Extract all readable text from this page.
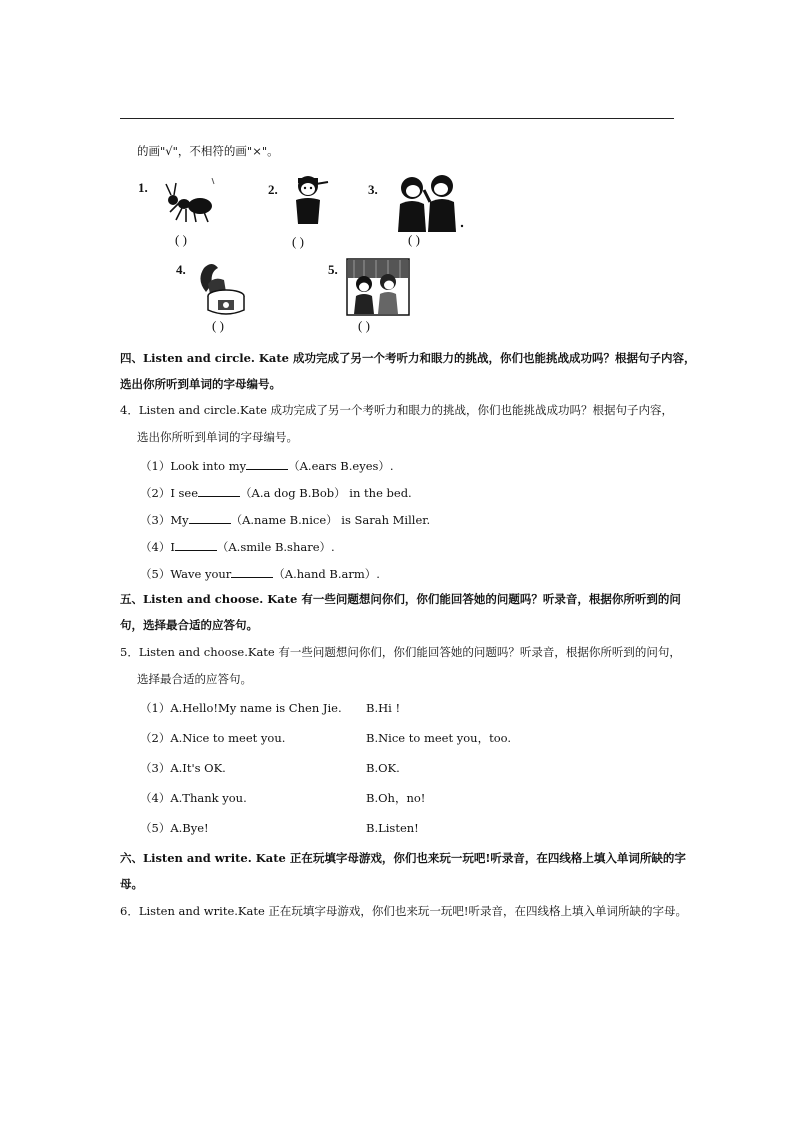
的画"√"，不相符的画"×"。
1.
( )
2.
( )
3.
( )
4.
( )
5.
( )
四、Listen and circle. Kate 成功完成了另一个考听力和眼力的挑战，你们也能挑战成功吗？根据句子内容，
选出你所听到单词的字母编号。
4．Listen and circle.Kate 成功完成了另一个考听力和眼力的挑战，你们也能挑战成功吗？根据句子内容，
选出你所听到单词的字母编号。
（1）Look into my	（A.ears B.eyes）.
（2）I see	（A.a dog B.Bob） in the bed.
（3）My	（A.name B.nice） is Sarah Miller.
（4）I	（A.smile B.share）.
（5）Wave your	（A.hand B.arm）.
五、Listen and choose. Kate 有一些问题想问你们，你们能回答她的问题吗？听录音，根据你所听到的问
句，选择最合适的应答句。
5．Listen and choose.Kate 有一些问题想问你们，你们能回答她的问题吗？听录音，根据你所听到的问句，
选择最合适的应答句。
（1）A.Hello!My name is Chen Jie. B.Hi !
（2）A.Nice to meet you.	B.Nice to meet you，too.
（3）A.It's OK.	B.OK.
（4）A.Thank you.	B.Oh，no!
（5）A.Bye!	B.Listen!
六、Listen and write. Kate 正在玩填字母游戏，你们也来玩一玩吧!听录音，在四线格上填入单词所缺的字
母。
6．Listen and write.Kate 正在玩填字母游戏，你们也来玩一玩吧!听录音，在四线格上填入单词所缺的字母。
